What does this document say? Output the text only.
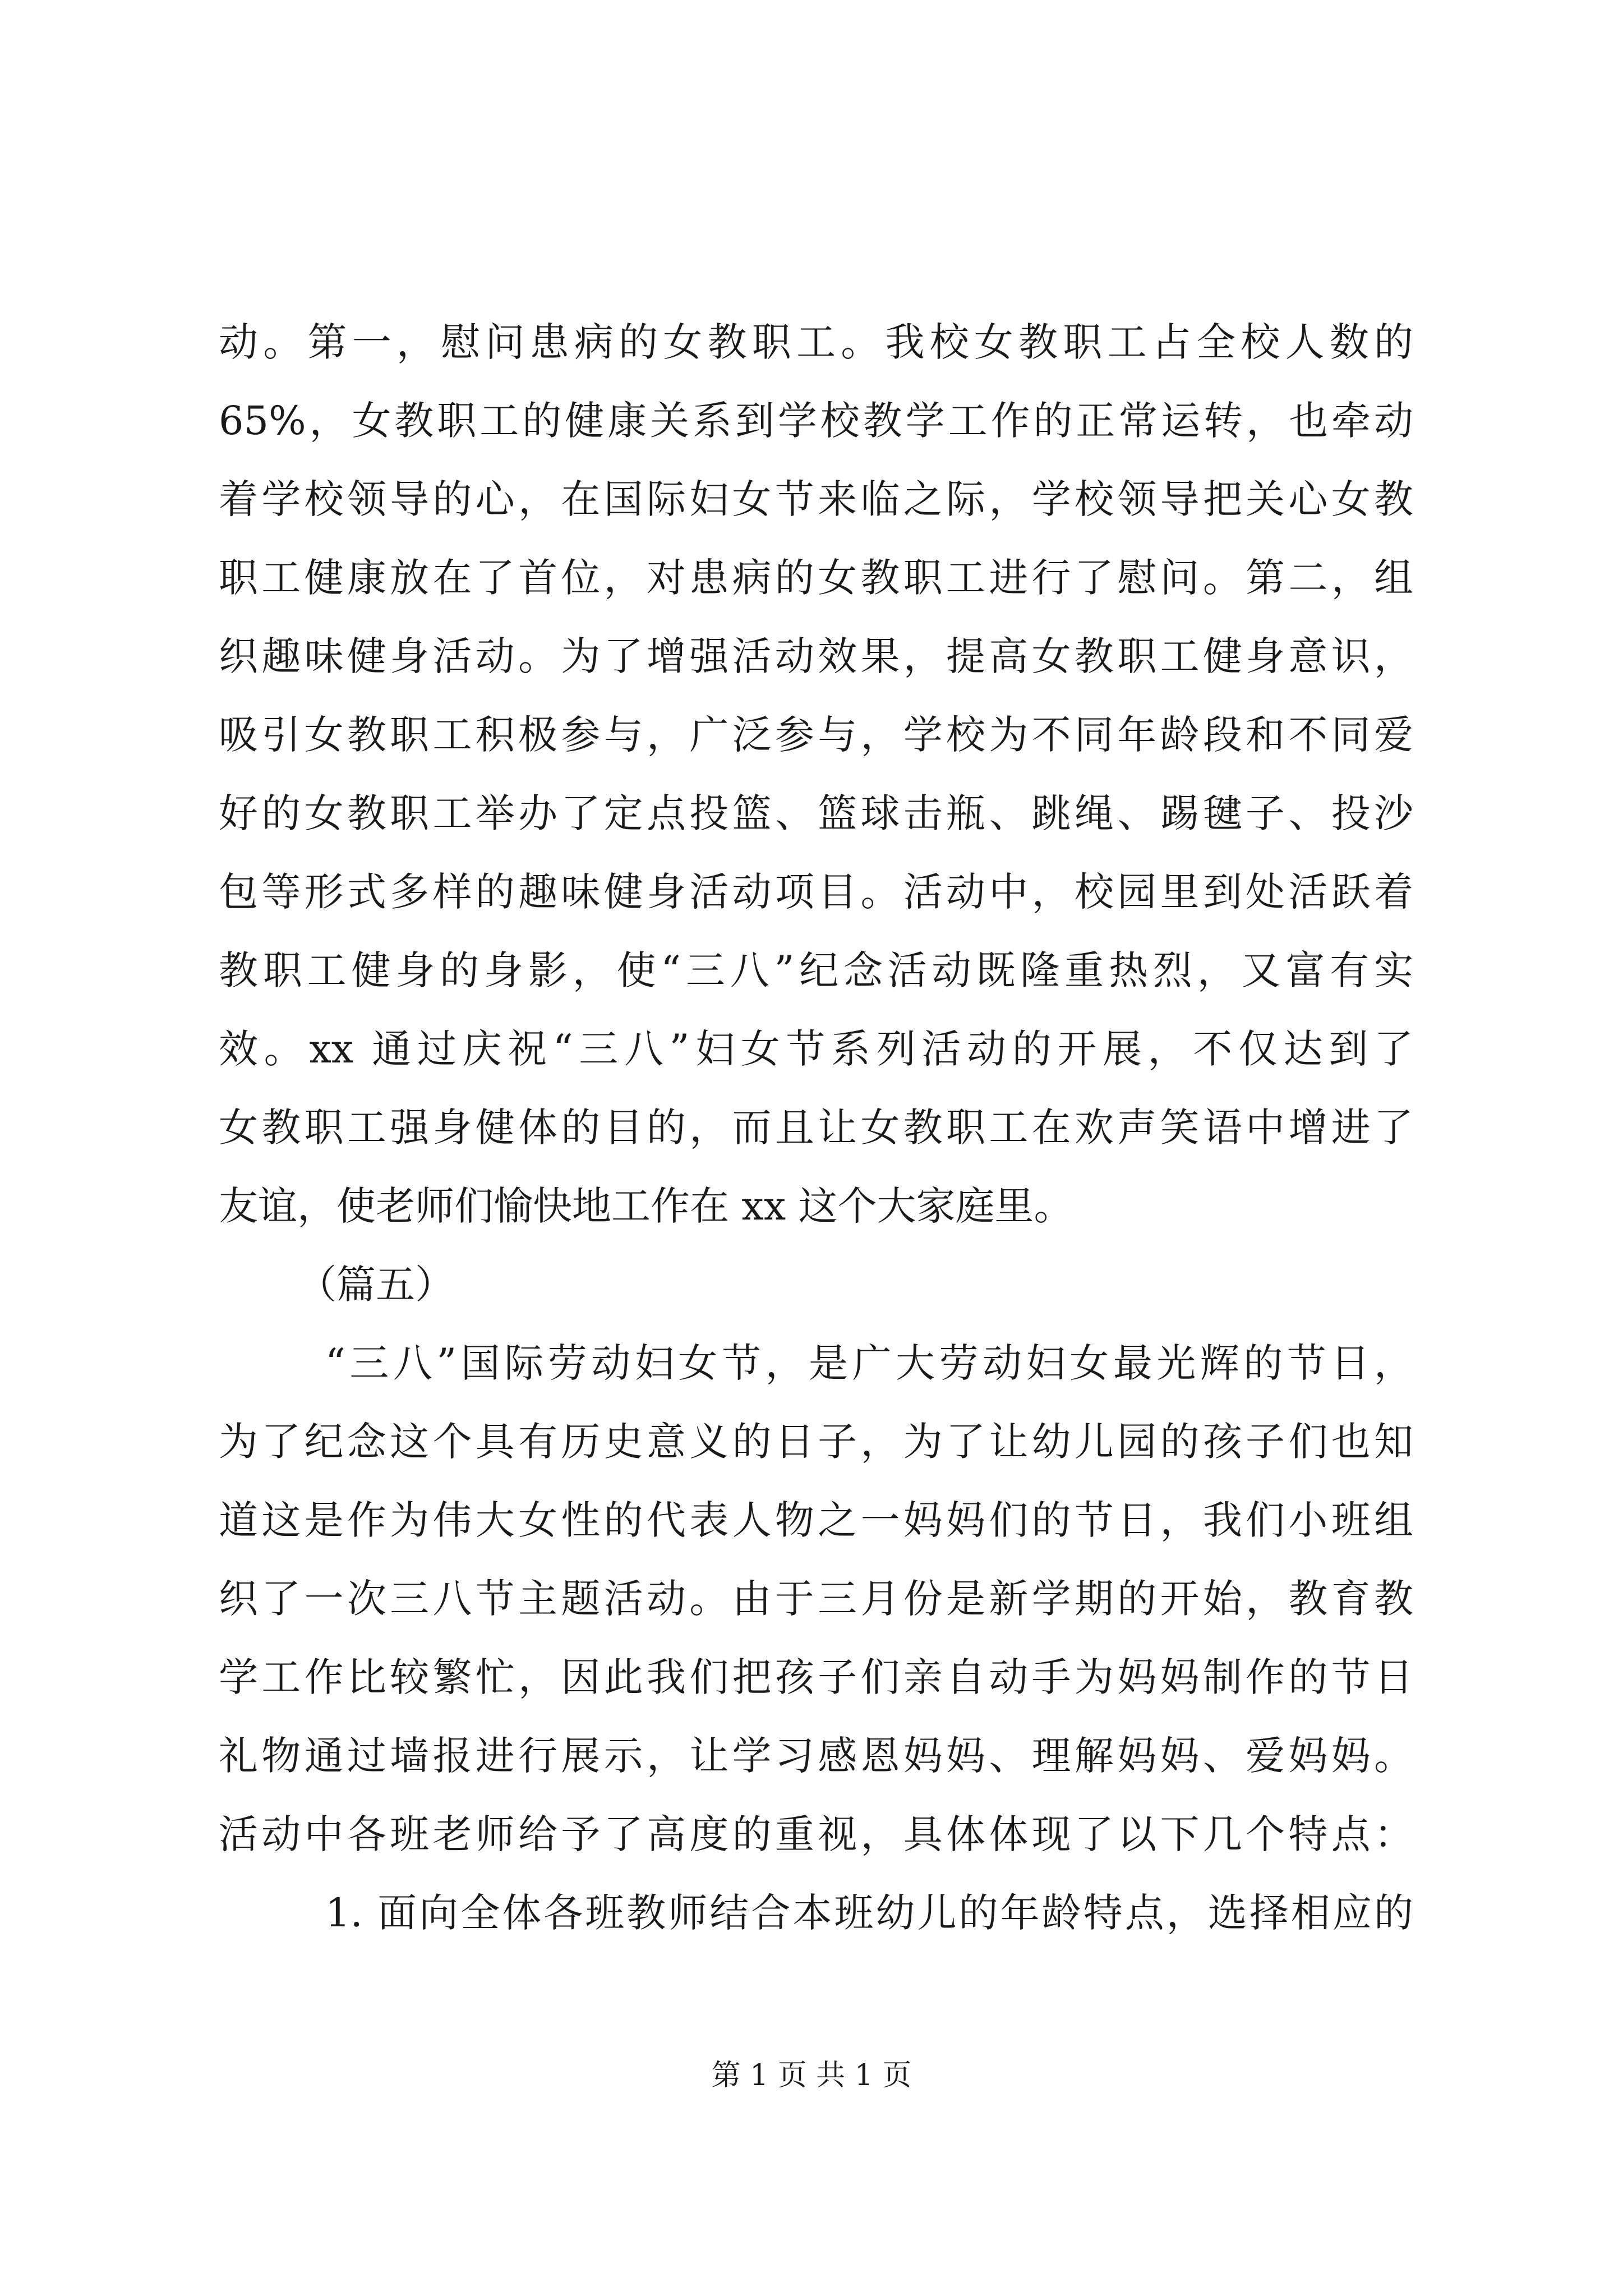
动。第一，慰问患病的女教职工。我校女教职工占全校人数的
65%，女教职工的健康关系到学校教学工作的正常运转，也牵动
着学校领导的心，在国际妇女节来临之际，学校领导把关心女教
职工健康放在了首位，对患病的女教职工进行了慰问。第二，组
织趣味健身活动。为了增强活动效果，提高女教职工健身意识，
吸引女教职工积极参与，广泛参与，学校为不同年龄段和不同爱
好的女教职工举办了定点投篮、篮球击瓶、跳绳、踢毽子、投沙
包等形式多样的趣味健身活动项目。活动中，校园里到处活跃着
教职工健身的身影，使“三八”纪念活动既隆重热烈，又富有实
效。xx 通过庆祝“三八”妇女节系列活动的开展，不仅达到了
女教职工强身健体的目的，而且让女教职工在欢声笑语中增进了
友谊，使老师们愉快地工作在 xx 这个大家庭里。
（篇五）
“三八”国际劳动妇女节，是广大劳动妇女最光辉的节日，
为了纪念这个具有历史意义的日子，为了让幼儿园的孩子们也知
道这是作为伟大女性的代表人物之一妈妈们的节日，我们小班组
织了一次三八节主题活动。由于三月份是新学期的开始，教育教
学工作比较繁忙，因此我们把孩子们亲自动手为妈妈制作的节日
礼物通过墙报进行展示，让学习感恩妈妈、理解妈妈、爱妈妈。
活动中各班老师给予了高度的重视，具体体现了以下几个特点：
1. 面向全体各班教师结合本班幼儿的年龄特点，选择相应的
第 1 页 共 1 页
